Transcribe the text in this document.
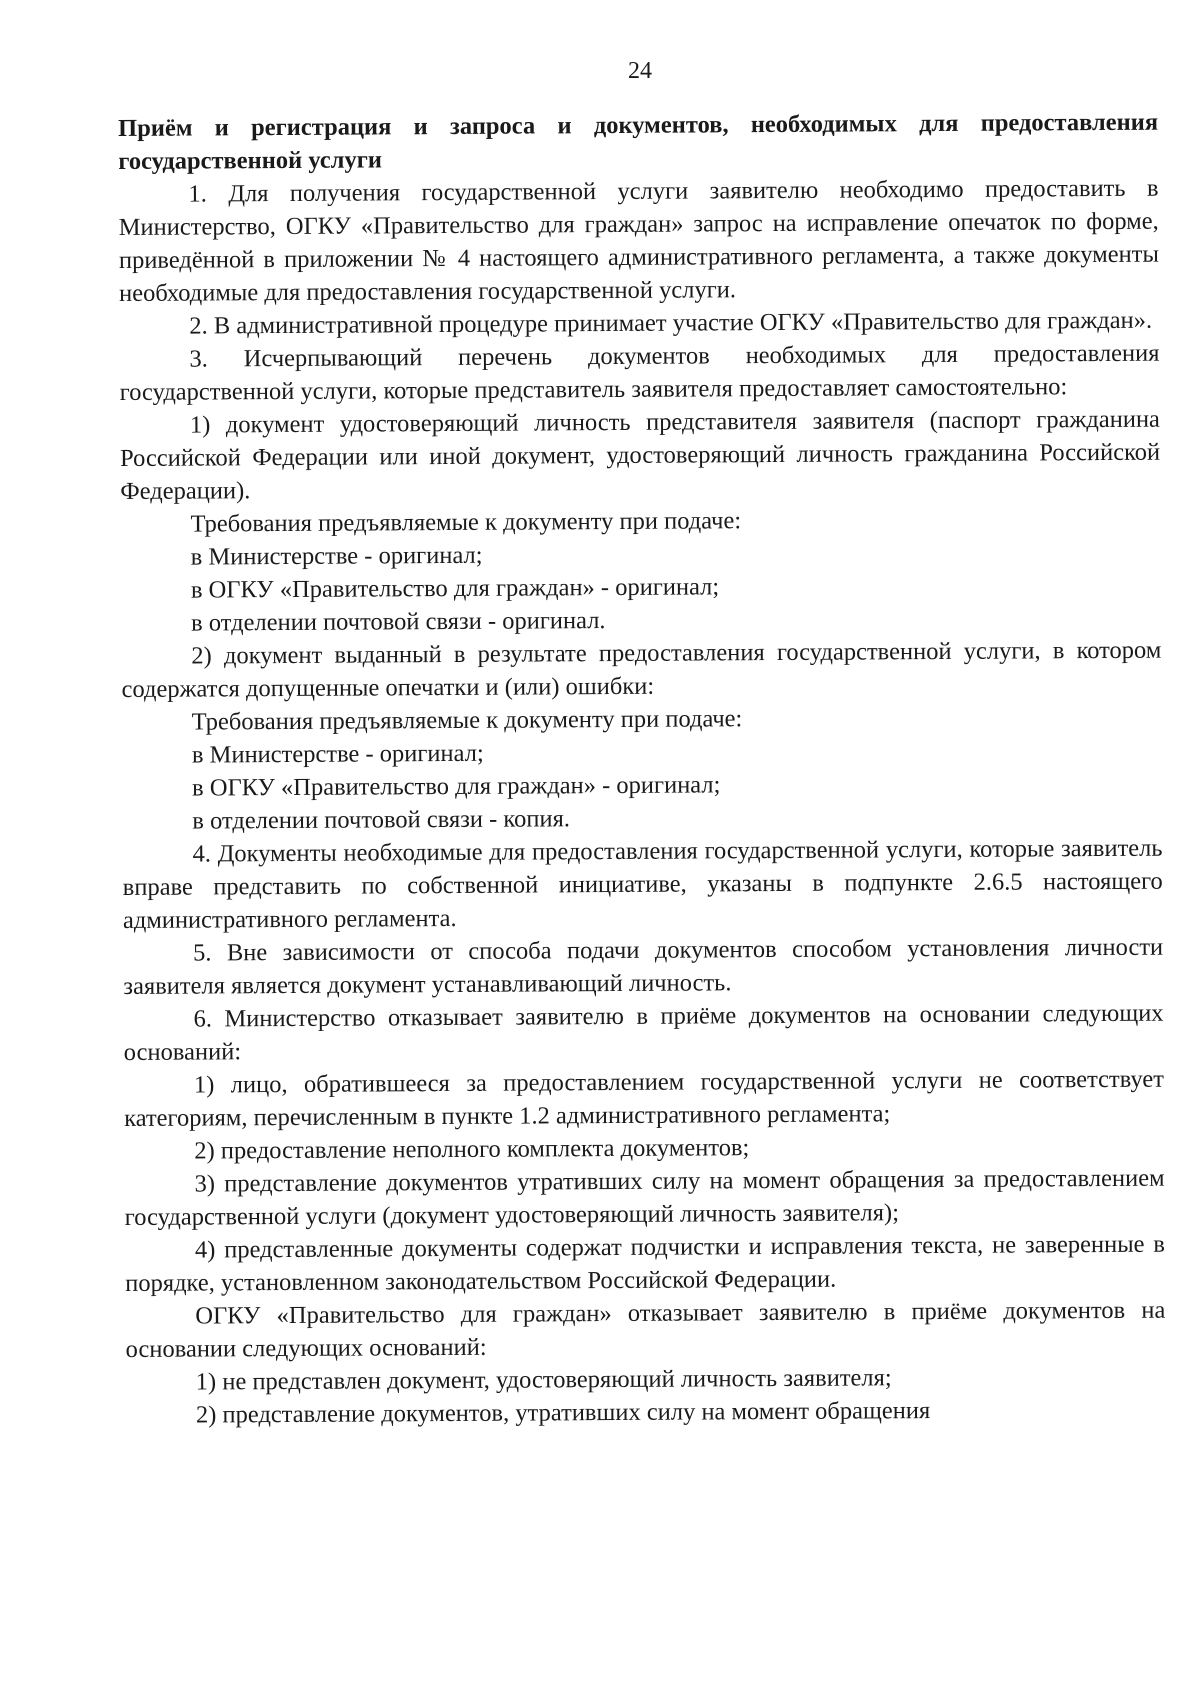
24

Приём и регистрация и запроса и документов, необходимых для предоставления государственной услуги

1. Для получения государственной услуги заявителю необходимо предоставить в Министерство, ОГКУ «Правительство для граждан» запрос на исправление опечаток по форме, приведённой в приложении № 4 настоящего административного регламента, а также документы необходимые для предоставления государственной услуги.

2. В административной процедуре принимает участие ОГКУ «Правительство для граждан».

3. Исчерпывающий перечень документов необходимых для предоставления государственной услуги, которые представитель заявителя предоставляет самостоятельно:

1) документ удостоверяющий личность представителя заявителя (паспорт гражданина Российской Федерации или иной документ, удостоверяющий личность гражданина Российской Федерации).

Требования предъявляемые к документу при подаче:

в Министерстве - оригинал;

в ОГКУ «Правительство для граждан» - оригинал;

в отделении почтовой связи - оригинал.

2) документ выданный в результате предоставления государственной услуги, в котором содержатся допущенные опечатки и (или) ошибки:

Требования предъявляемые к документу при подаче:

в Министерстве - оригинал;

в ОГКУ «Правительство для граждан» - оригинал;

в отделении почтовой связи - копия.

4. Документы необходимые для предоставления государственной услуги, которые заявитель вправе представить по собственной инициативе, указаны в подпункте 2.6.5 настоящего административного регламента.

5. Вне зависимости от способа подачи документов способом установления личности заявителя является документ устанавливающий личность.

6. Министерство отказывает заявителю в приёме документов на основании следующих оснований:

1) лицо, обратившееся за предоставлением государственной услуги не соответствует категориям, перечисленным в пункте 1.2 административного регламента;

2) предоставление неполного комплекта документов;

3) представление документов утративших силу на момент обращения за предоставлением государственной услуги (документ удостоверяющий личность заявителя);

4) представленные документы содержат подчистки и исправления текста, не заверенные в порядке, установленном законодательством Российской Федерации.

ОГКУ «Правительство для граждан» отказывает заявителю в приёме документов на основании следующих оснований:

1) не представлен документ, удостоверяющий личность заявителя;

2) представление документов, утративших силу на момент обращения
